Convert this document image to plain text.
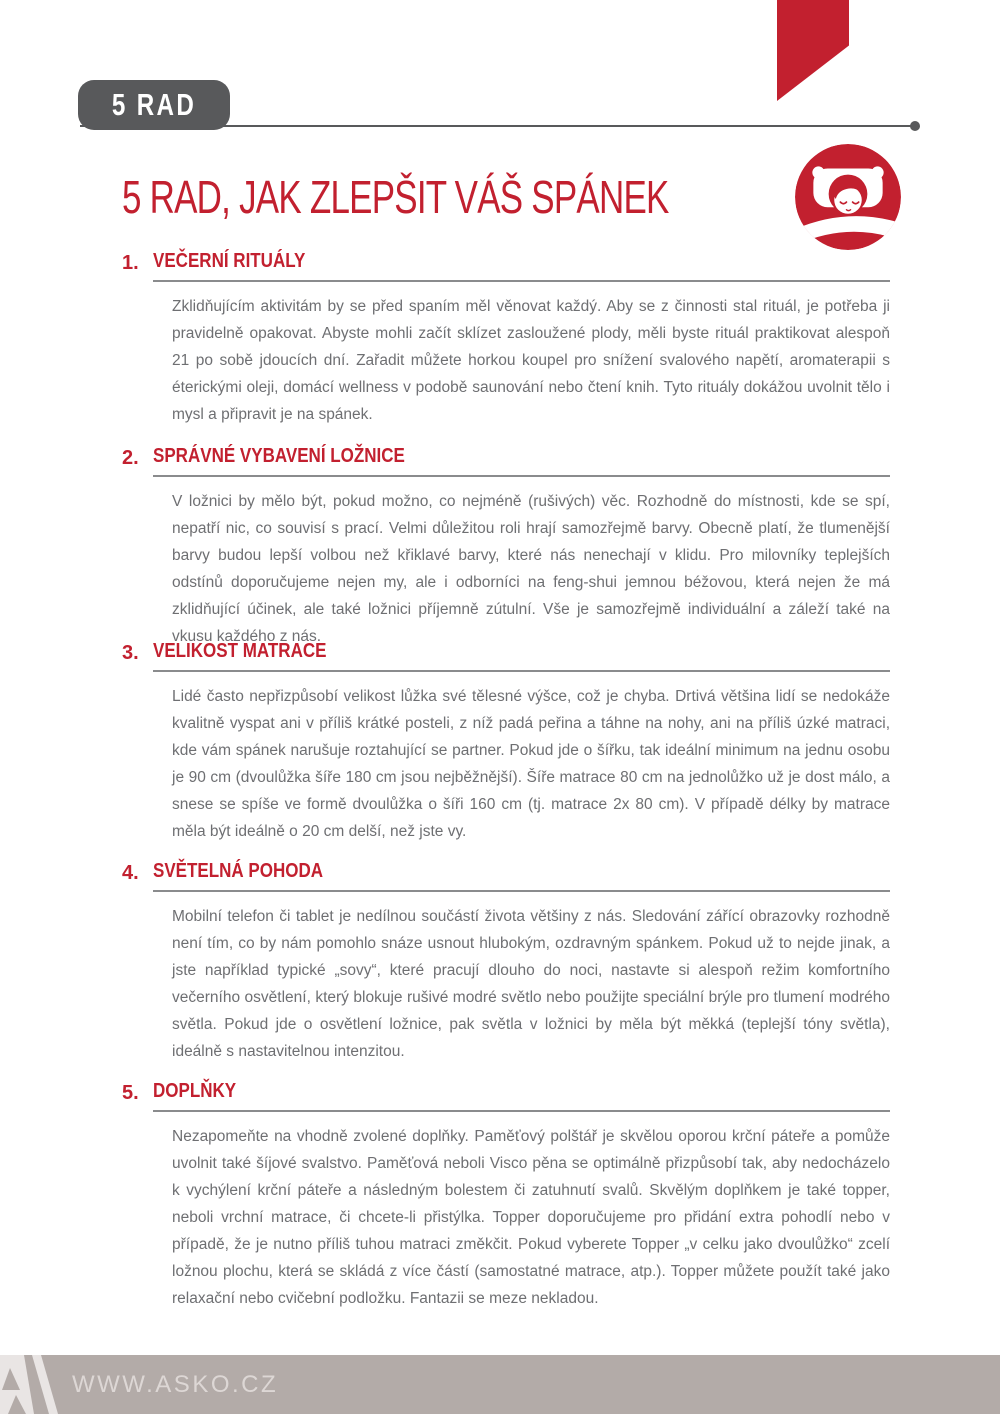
5 RAD
5 RAD, JAK ZLEPŠIT VÁŠ SPÁNEK
1. VEČERNÍ RITUÁLY

Zklidňujícím aktivitám by se před spaním měl věnovat každý. Aby se z činnosti stal rituál, je potřeba ji pravidelně opakovat. Abyste mohli začít sklízet zasloužené plody, měli byste rituál praktikovat alespoň 21 po sobě jdoucích dní. Zařadit můžete horkou koupel pro snížení svalového napětí, aromaterapii s éterickými oleji, domácí wellness v podobě saunování nebo čtení knih. Tyto rituály dokážou uvolnit tělo i mysl a připravit je na spánek.

2. SPRÁVNÉ VYBAVENÍ LOŽNICE

V ložnici by mělo být, pokud možno, co nejméně (rušivých) věc. Rozhodně do místnosti, kde se spí, nepatří nic, co souvisí s prací. Velmi důležitou roli hrají samozřejmě barvy. Obecně platí, že tlumenější barvy budou lepší volbou než křiklavé barvy, které nás nenechají v klidu. Pro milovníky teplejších odstínů doporučujeme nejen my, ale i odborníci na feng-shui jemnou béžovou, která nejen že má zklidňující účinek, ale také ložnici příjemně zútulní. Vše je samozřejmě individuální a záleží také na vkusu každého z nás.

3. VELIKOST MATRACE

Lidé často nepřizpůsobí velikost lůžka své tělesné výšce, což je chyba. Drtivá většina lidí se nedokáže kvalitně vyspat ani v příliš krátké posteli, z níž padá peřina a táhne na nohy, ani na příliš úzké matraci, kde vám spánek narušuje roztahující se partner. Pokud jde o šířku, tak ideální minimum na jednu osobu je 90 cm (dvoulůžka šíře 180 cm jsou nejběžnější). Šíře matrace 80 cm na jednolůžko už je dost málo, a snese se spíše ve formě dvoulůžka o šíři 160 cm (tj. matrace 2x 80 cm). V případě délky by matrace měla být ideálně o 20 cm delší, než jste vy.

4. SVĚTELNÁ POHODA

Mobilní telefon či tablet je nedílnou součástí života většiny z nás. Sledování zářící obrazovky rozhodně není tím, co by nám pomohlo snáze usnout hlubokým, ozdravným spánkem. Pokud už to nejde jinak, a jste například typické „sovy“, které pracují dlouho do noci, nastavte si alespoň režim komfortního večerního osvětlení, který blokuje rušivé modré světlo nebo použijte speciální brýle pro tlumení modrého světla. Pokud jde o osvětlení ložnice, pak světla v ložnici by měla být měkká (teplejší tóny světla), ideálně s nastavitelnou intenzitou.

5. DOPLŇKY

Nezapomeňte na vhodně zvolené doplňky. Paměťový polštář je skvělou oporou krční páteře a pomůže uvolnit také šíjové svalstvo. Paměťová neboli Visco pěna se optimálně přizpůsobí tak, aby nedocházelo k vychýlení krční páteře a následným bolestem či zatuhnutí svalů. Skvělým doplňkem je také topper, neboli vrchní matrace, či chcete-li přistýlka. Topper doporučujeme pro přidání extra pohodlí nebo v případě, že je nutno příliš tuhou matraci změkčit. Pokud vyberete Topper „v celku jako dvoulůžko“ zcelí ložnou plochu, která se skládá z více částí (samostatné matrace, atp.). Topper můžete použít také jako relaxační nebo cvičební podložku. Fantazii se meze nekladou.

WWW.ASKO.CZ
